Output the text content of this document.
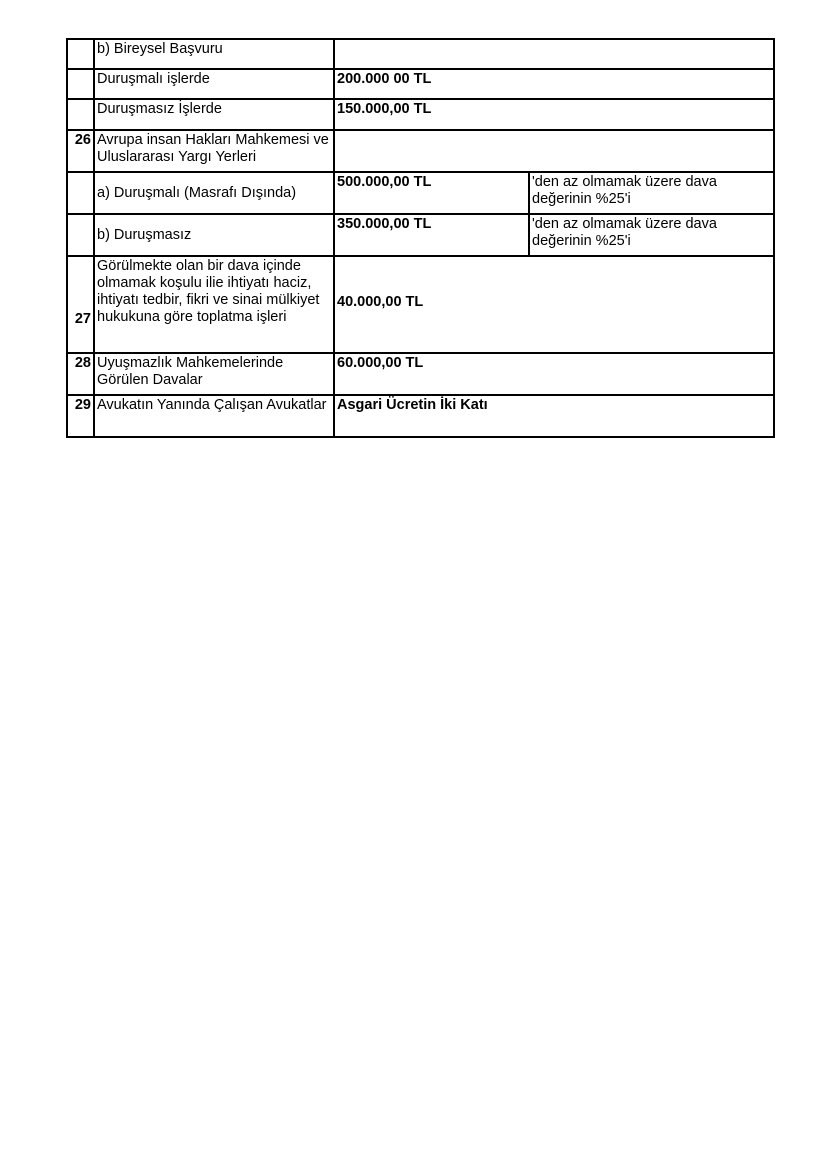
	b) Bireysel Başvuru		
	Duruşmalı işlerde	200.000 00 TL	
	Duruşmasız İşlerde	150.000,00 TL	
26	Avrupa insan Hakları Mahkemesi ve Uluslararası Yargı Yerleri		
	a) Duruşmalı (Masrafı Dışında)	500.000,00 TL	'den az olmamak üzere dava değerinin %25'i
	b) Duruşmasız	350.000,00 TL	'den az olmamak üzere dava değerinin %25'i
27	Görülmekte olan bir dava içinde olmamak koşulu ilie ihtiyatı haciz, ihtiyatı tedbir, fikri ve sinai mülkiyet hukukuna göre toplatma işleri	40.000,00 TL	
28	Uyuşmazlık Mahkemelerinde Görülen Davalar	60.000,00 TL	
29	Avukatın Yanında Çalışan Avukatlar	Asgari Ücretin İki Katı	
